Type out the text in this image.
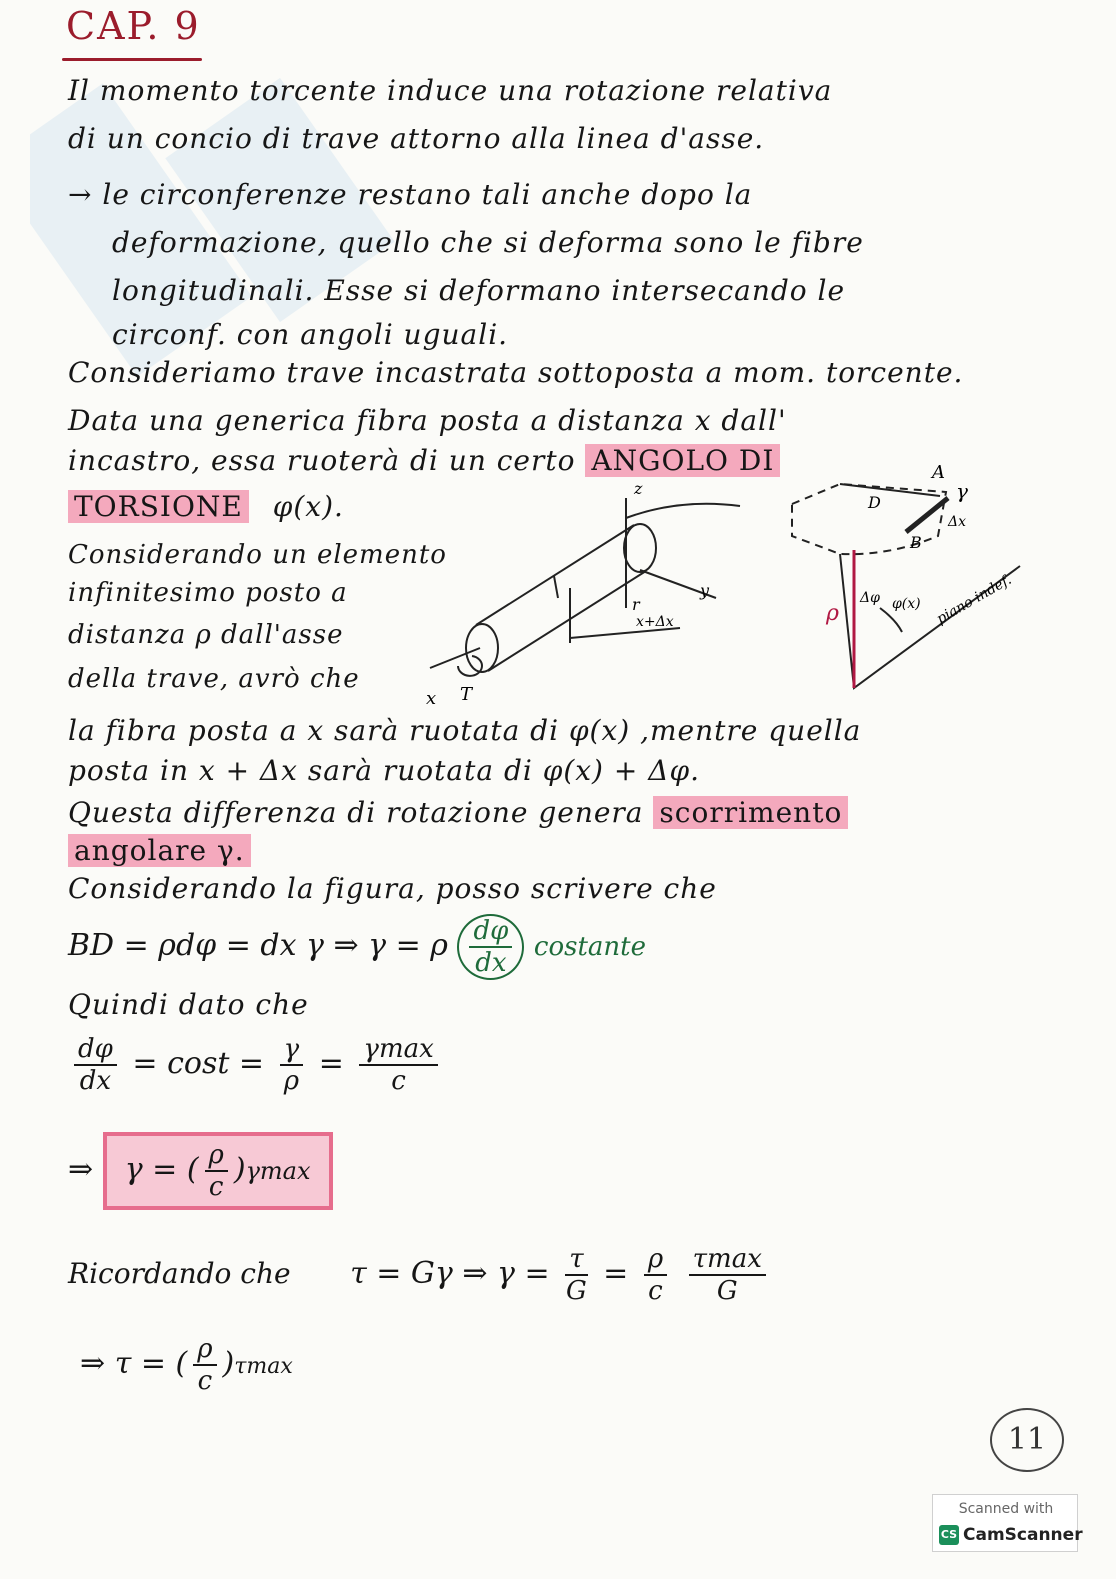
CAP. 9
Il momento torcente induce una rotazione relativa
di un concio di trave attorno alla linea d'asse.
→ le circonferenze restano tali anche dopo la
deformazione, quello che si deforma sono le fibre
longitudinali. Esse si deformano intersecando le
circonf. con angoli uguali.
Consideriamo trave incastrata sottoposta a mom. torcente.
Data una generica fibra posta a distanza x dall'
incastro, essa ruoterà di un certo ANGOLO DI
TORSIONE φ(x).
Considerando un elemento
infinitesimo posto a
distanza ρ dall'asse
della trave, avrò che
z
y
x T
r
x+Δx
A
D	γ
Δx
B
ρ
Δφ φ(x) piano indef.
la fibra posta a x sarà ruotata di φ(x) ,mentre quella
posta in x + Δx sarà ruotata di φ(x) + Δφ.
Questa differenza di rotazione genera scorrimento
angolare γ.
Considerando la figura, posso scrivere che
BD = ρdφ = dx γ ⇒ γ = ρ $\frac{d\varphi}{dx}$ costante
Quindi dato che
$\frac{d\varphi}{dx} = \cos t = \frac{\gamma}{\rho} = \frac{\gamma\max}{c}$
⇒ γ = ( $\frac{\rho}{c} )\gamma\max$
Ricordando che τ = Gγ ⇒ $\gamma = \frac{\tau}{G} = \frac{\rho}{c}$
$\frac{\tau\max}{G}$
⇒ τ = ( $\frac{\rho}{c} )\tau\max$
11
Scanned with
CS CamScanner
